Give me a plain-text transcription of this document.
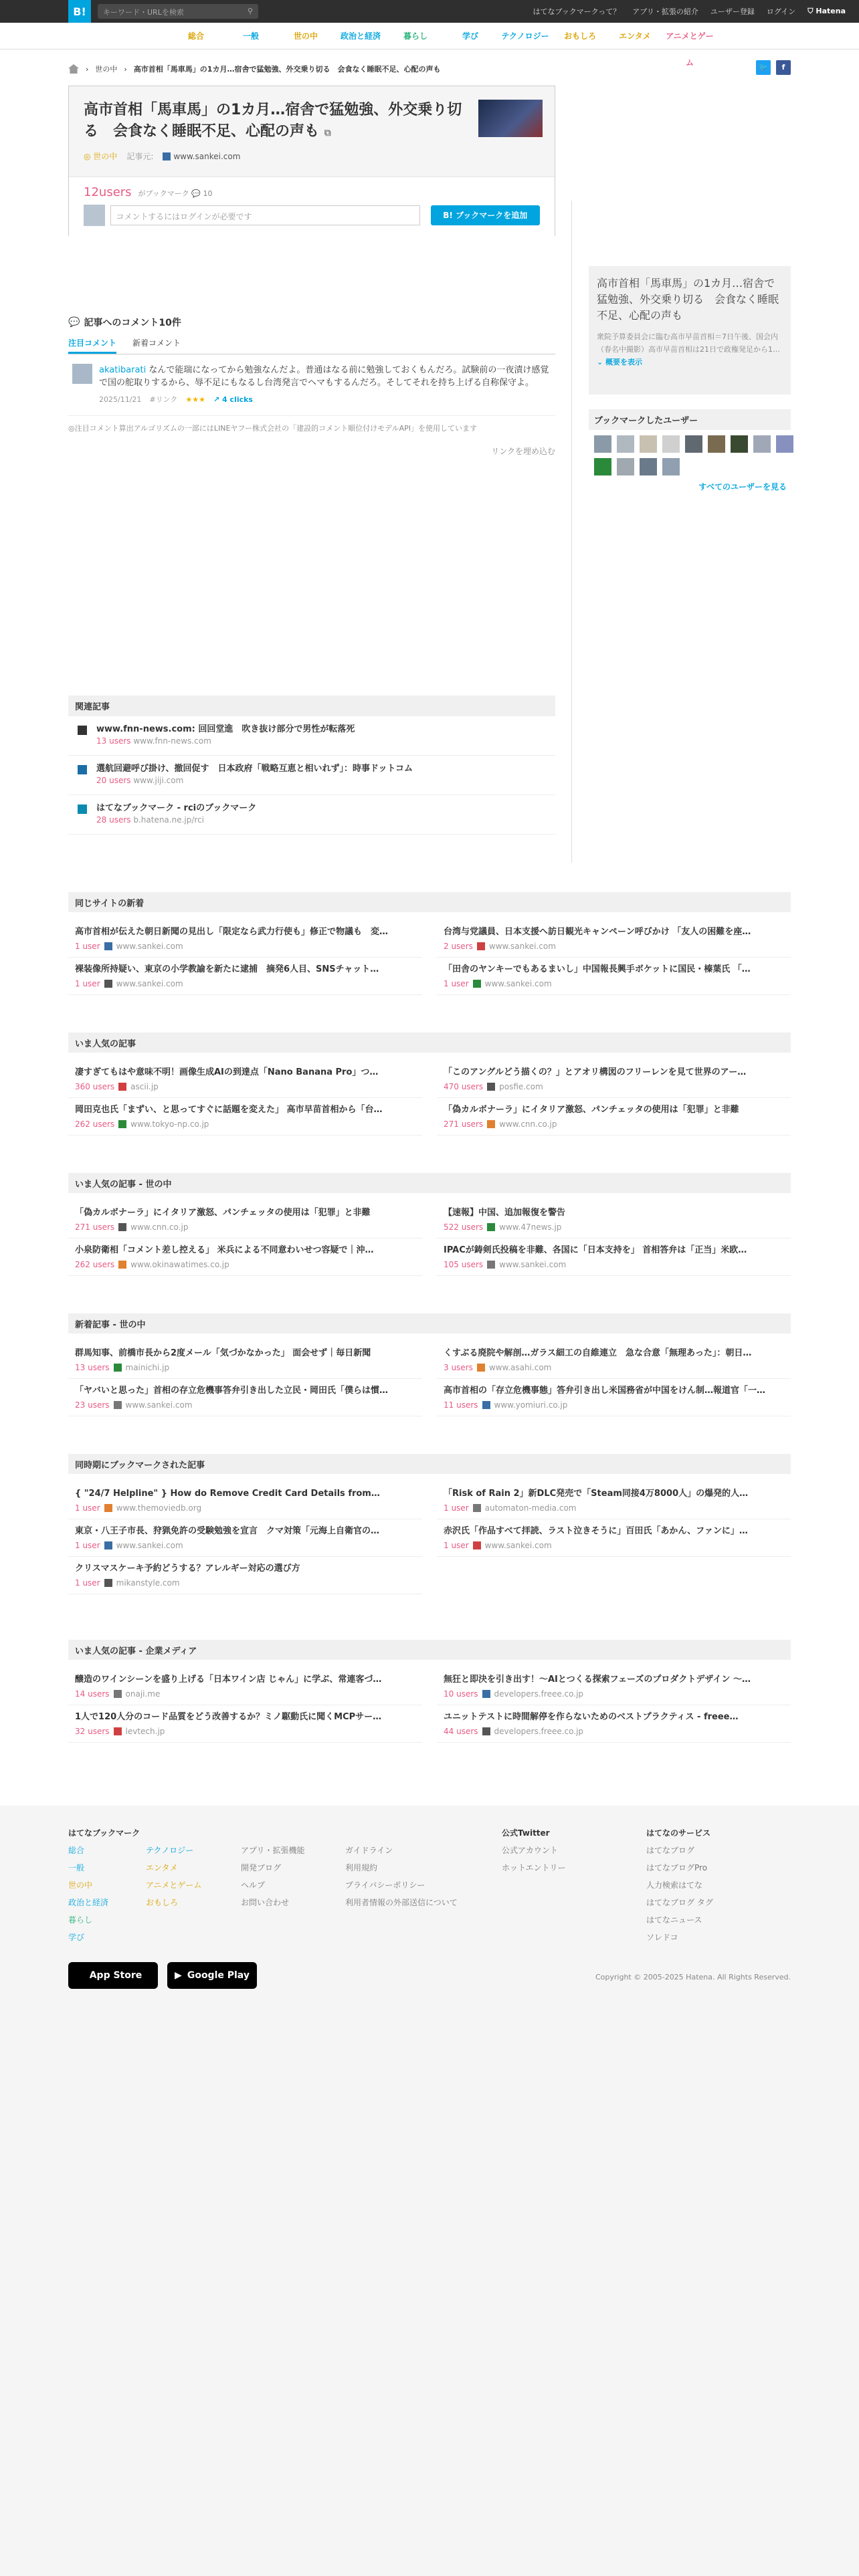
B!	キーワード・URLを検索	⚲	はてなブックマークって？ アプリ・拡張の紹介 ユーザー登録 ログイン ⛉ Hatena
総合	一般	世の中	政治と経済	暮らし	学び	テクノロジー	おもしろ	エンタメ	アニメとゲーム
› 世の中 › 高市首相「馬車馬」の1カ月…宿舎で猛勉強、外交乗り切る　会食なく睡眠不足、心配の声も	🐦	f
高市首相「馬車馬」の1カ月…宿舎で猛勉強、外交乗り切る　会食なく睡眠不足、心配の声も ⧉
◎ 世の中 記事元:	www.sankei.com
12users がブックマーク 💬 10
コメントするにはログインが必要です	B! ブックマークを追加
高市首相「馬車馬」の1カ月…宿舎で猛勉強、外交乗り切る　会食なく睡眠不足、心配の声も

衆院予算委員会に臨む高市早苗首相＝7日午後、国会内（春名中撮影）高市早苗首相は21日で政権発足から1… ⌄ 概要を表示

ブックマークしたユーザー
すべてのユーザーを見る
💬 記事へのコメント10件
注目コメント 新着コメント
akatibarati なんで能瑞になってから勉強なんだよ。普通はなる前に勉強しておくもんだろ。試験前の一夜漬け感覚で国の舵取りするから、辱不足にもなるし台湾発言でヘマもするんだろ。そしてそれを持ち上げる自称保守よ。
2025/11/21 #リンク ★★★ ↗ 4 clicks
◎注目コメント算出アルゴリズムの一部にはLINEヤフー株式会社の「建設的コメント順位付けモデルAPI」を使用しています
リンクを埋め込む
関連記事
www.fnn-news.com: 回回堂進　吹き抜け部分で男性が転落死
13 users www.fnn-news.com
選航回避呼び掛け、撤回促す　日本政府「戦略互恵と相いれず」：時事ドットコム
20 users www.jiji.com
はてなブックマーク - rciのブックマーク
28 users b.hatena.ne.jp/rci
同じサイトの新着
高市首相が伝えた朝日新聞の見出し「限定なら武力行使も」修正で物議も　変…
1 user www.sankei.com
台湾与党議員、日本支援へ訪日観光キャンペーン呼びかけ 「友人の困難を座…
2 users www.sankei.com
裸装像所持疑い、東京の小学教諭を新たに逮捕　摘発6人目、SNSチャット…
1 user www.sankei.com
「田舎のヤンキーでもあるまいし」中国報長興手ボケットに国民・榛葉氏 「…
1 user www.sankei.com
いま人気の記事
凄すぎてもはや意味不明！画像生成AIの到達点「Nano Banana Pro」つ…
360 users ascii.jp
「このアングルどう描くの？」とアオリ構図のフリーレンを見て世界のアー…
470 users posfie.com
岡田克也氏「まずい、と思ってすぐに話題を変えた」 高市早苗首相から「台…
262 users www.tokyo-np.co.jp
「偽カルボナーラ」にイタリア激怒、パンチェッタの使用は「犯罪」と非難
271 users www.cnn.co.jp
いま人気の記事 - 世の中
「偽カルボナーラ」にイタリア激怒、パンチェッタの使用は「犯罪」と非難
271 users www.cnn.co.jp
【速報】中国、追加報復を警告
522 users www.47news.jp
小泉防衛相「コメント差し控える」 米兵による不同意わいせつ容疑で｜沖…
262 users www.okinawatimes.co.jp
IPACが鋳剣氏投稿を非難、各国に「日本支持を」 首相答弁は「正当」米欧…
105 users www.sankei.com
新着記事 - 世の中
群馬知事、前橋市長から2度メール「気づかなかった」 面会せず｜毎日新聞
13 users mainichi.jp
くすぶる廃院や解剖…ガラス細工の自維連立　急な合意「無理あった」：朝日…
3 users www.asahi.com
「ヤバいと思った」首相の存立危機事答弁引き出した立民・岡田氏「僕らは慣…
23 users www.sankei.com
高市首相の「存立危機事態」答弁引き出し米国務省が中国をけん制…報道官「一…
11 users www.yomiuri.co.jp
同時期にブックマークされた記事
{ "24/7 Helpline" } How do Remove Credit Card Details from…
1 user www.themoviedb.org
「Risk of Rain 2」新DLC発売で「Steam同接4万8000人」の爆発的人…
1 user automaton-media.com
東京・八王子市長、狩猟免許の受験勉強を宣言　クマ対策「元海上自衛官の…
1 user www.sankei.com
赤沢氏「作品すべて拝読、ラスト泣きそうに」百田氏「あかん、ファンに」…
1 user www.sankei.com
クリスマスケーキ予約どうする？アレルギー対応の選び方
1 user mikanstyle.com
いま人気の記事 - 企業メディア
醸造のワインシーンを盛り上げる「日本ワイン店 じゃん」に学ぶ、常連客づ…
14 users onaji.me
無狂と即決を引き出す！～AIとつくる探索フェーズのプロダクトデザイン 〜…
10 users developers.freee.co.jp
1人で120人分のコード品質をどう改善するか？ミノ駆動氏に聞くMCPサー…
32 users levtech.jp
ユニットテストに時間解停を作らないためのベストプラクティス - freee…
44 users developers.freee.co.jp
はてなブックマーク
総合
一般
世の中
政治と経済
暮らし
学び
テクノロジー
エンタメ
アニメとゲーム
おもしろ
アプリ・拡張機能
開発ブログ
ヘルプ
お問い合わせ
ガイドライン
利用規約
プライバシーポリシー
利用者情報の外部送信について
公式Twitter
公式アカウント
ホットエントリー
はてなのサービス
はてなブログ
はてなブログPro
人力検索はてな
はてなブログ タグ
はてなニュース
ソレドコ
App Store	▶ Google Play	Copyright © 2005-2025 Hatena. All Rights Reserved.
